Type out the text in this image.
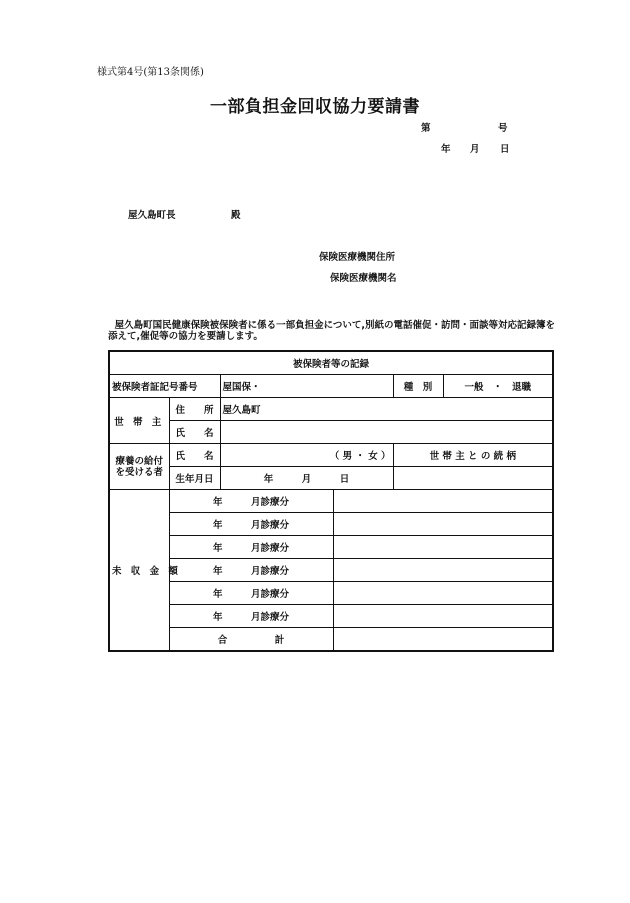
様式第4号(第13条関係)
一部負担金回収協力要請書
第	号
年 月 日
屋久島町長	殿
保険医療機関住所
保険医療機関名
屋久島町国民健康保険被保険者に係る一部負担金について,別紙の電話催促・訪問・面談等対応記録簿を添えて,催促等の協力を要請します。
被保険者等の記録					
被保険者証記号番号		屋国保・		種　別	一般　・　退職
世 帯 主	住　　所	屋久島町			
	氏　　名				

療養の給付
を受ける者	氏　　名	（ 男 ・ 女 ）		世 帯 主 と の 続 柄	
	生年月日	年　　　月　　　日			
未 収 金 額	年　　　月診療分				
	年　　　月診療分				
	年　　　月診療分				
	年　　　月診療分				
	年　　　月診療分				
	年　　　月診療分				
	合　　　　　計				
